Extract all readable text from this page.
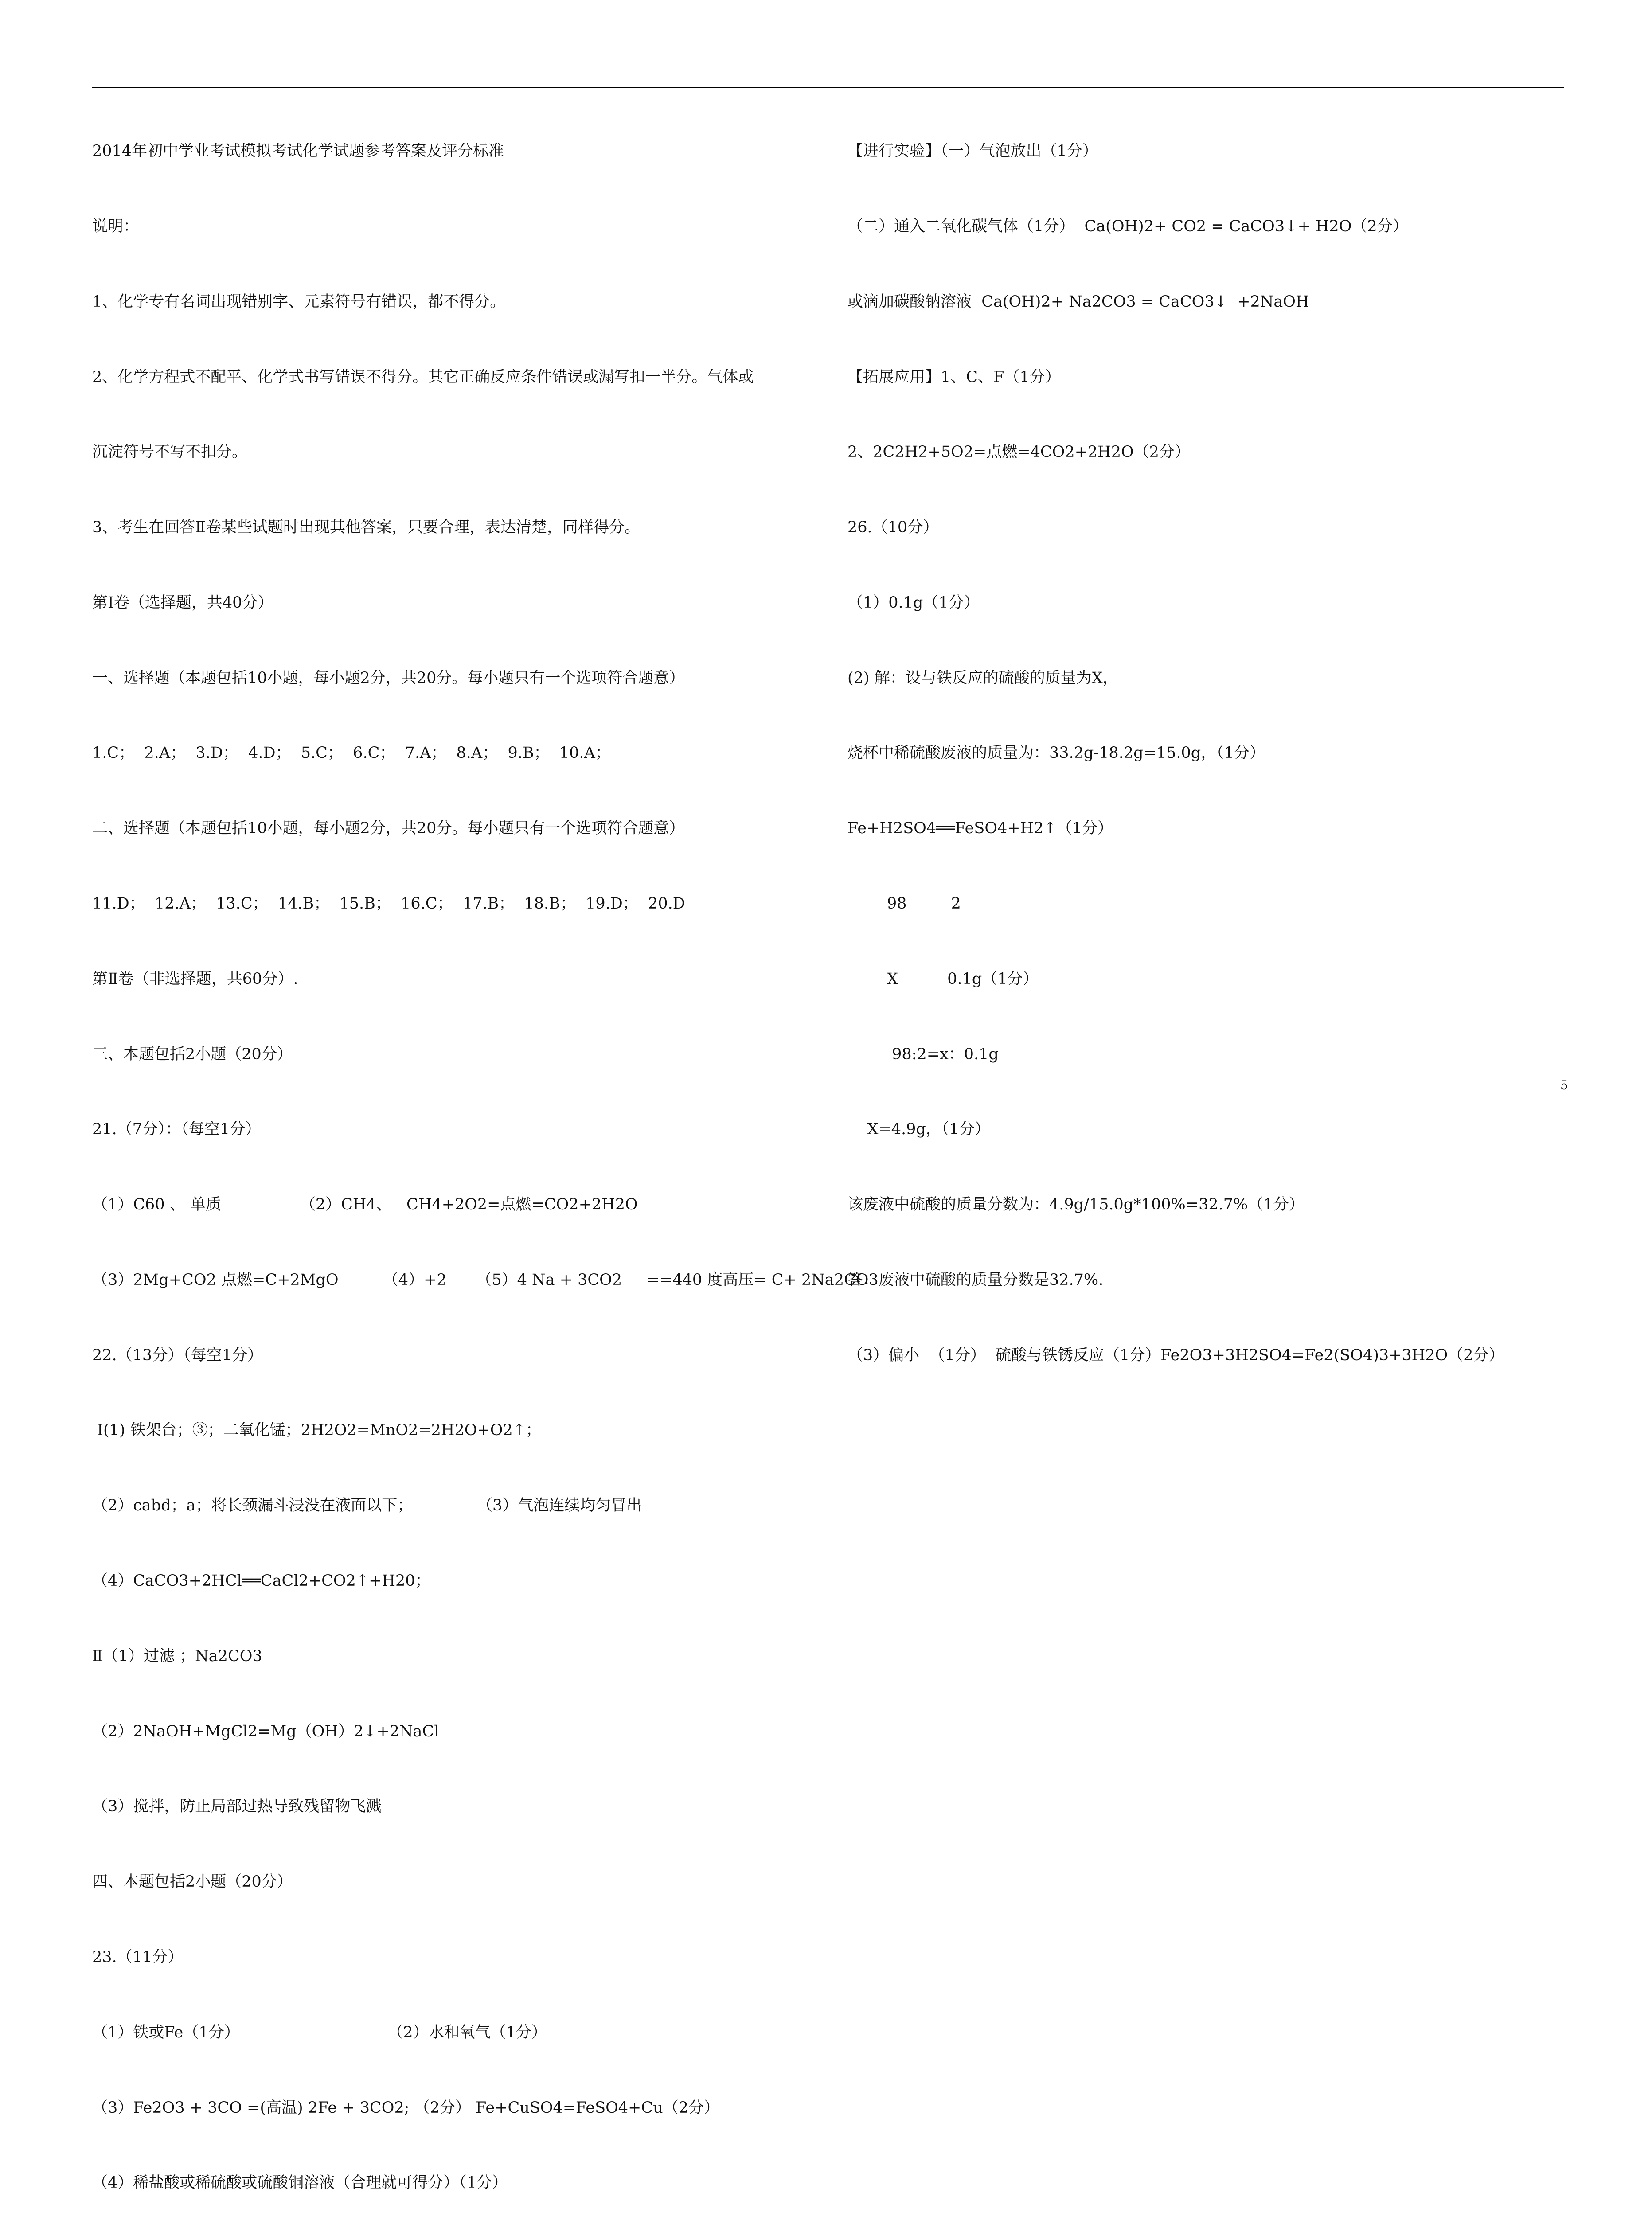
2014年初中学业考试模拟考试化学试题参考答案及评分标准

说明：

1、化学专有名词出现错别字、元素符号有错误，都不得分。

2、化学方程式不配平、化学式书写错误不得分。其它正确反应条件错误或漏写扣一半分。气体或

沉淀符号不写不扣分。

3、考生在回答Ⅱ卷某些试题时出现其他答案，只要合理，表达清楚，同样得分。

第Ⅰ卷（选择题，共40分）

一、选择题（本题包括10小题，每小题2分，共20分。每小题只有一个选项符合题意）

1.C；  2.A；  3.D；  4.D；  5.C；  6.C；  7.A；  8.A；  9.B；  10.A；

二、选择题（本题包括10小题，每小题2分，共20分。每小题只有一个选项符合题意）

11.D；  12.A；  13.C；  14.B；  15.B；  16.C；  17.B；  18.B；  19.D；  20.D

第Ⅱ卷（非选择题，共60分）.

三、本题包括2小题（20分）

21.（7分）：（每空1分）

（1）C60 、 单质                （2）CH4、   CH4+2O2=点燃=CO2+2H2O

（3）2Mg+CO2 点燃=C+2MgO         （4）+2      （5）4 Na + 3CO2     ==440 度高压= C+ 2Na2CO3

22.（13分）（每空1分）

Ⅰ(1) 铁架台；③；二氧化锰；2H2O2=MnO2=2H2O+O2↑；

（2）cabd；a；将长颈漏斗浸没在液面以下；             （3）气泡连续均匀冒出

（4）CaCO3+2HCl══CaCl2+CO2↑+H20；

Ⅱ（1）过滤 ；Na2CO3

（2）2NaOH+MgCl2=Mg（OH）2↓+2NaCl

（3）搅拌，防止局部过热导致残留物飞溅

四、本题包括2小题（20分）

23.（11分）

（1）铁或Fe（1分）                              （2）水和氧气（1分）

（3）Fe2O3 + 3CO =(高温) 2Fe + 3CO2; （2分） Fe+CuSO4=FeSO4+Cu（2分）

（4）稀盐酸或稀硫酸或硫酸铜溶液（合理就可得分）（1分）

【进行实验】（一）气泡放出（1分）

（二）通入二氧化碳气体（1分）  Ca(OH)2+ CO2 = CaCO3↓+ H2O（2分）

或滴加碳酸钠溶液  Ca(OH)2+ Na2CO3 = CaCO3↓  +2NaOH

【拓展应用】1、C、F（1分）

2、2C2H2+5O2=点燃=4CO2+2H2O（2分）

26.（10分）

（1）0.1g（1分）

(2) 解：设与铁反应的硫酸的质量为X，

烧杯中稀硫酸废液的质量为：33.2g-18.2g=15.0g，（1分）

Fe+H2SO4══FeSO4+H2↑（1分）

98         2

X          0.1g（1分）

98:2=x：0.1g

X=4.9g，（1分）

该废液中硫酸的质量分数为：4.9g/15.0g*100%=32.7%（1分）

答：废液中硫酸的质量分数是32.7%.

（3）偏小  （1分）  硫酸与铁锈反应（1分）Fe2O3+3H2SO4=Fe2(SO4)3+3H2O（2分）

5
